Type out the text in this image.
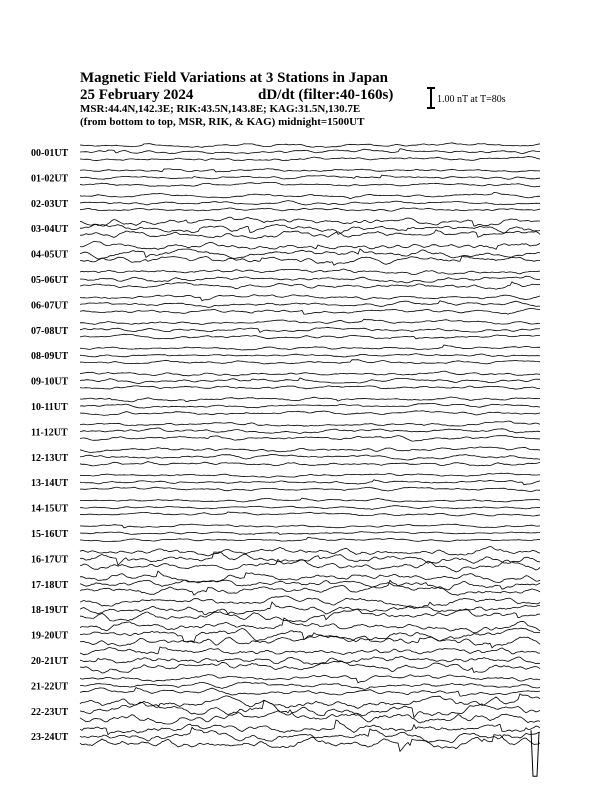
Magnetic Field Variations at 3 Stations in Japan
25 February 2024	dD/dt (filter:40-160s)
MSR:44.4N,142.3E; RIK:43.5N,143.8E; KAG:31.5N,130.7E
(from bottom to top, MSR, RIK, & KAG) midnight=1500UT
1.00 nT at T=80s
00-01UT
01-02UT
02-03UT
03-04UT
04-05UT
05-06UT
06-07UT
07-08UT
08-09UT
09-10UT
10-11UT
11-12UT
12-13UT
13-14UT
14-15UT
15-16UT
16-17UT
17-18UT
18-19UT
19-20UT
20-21UT
21-22UT
22-23UT
23-24UT
